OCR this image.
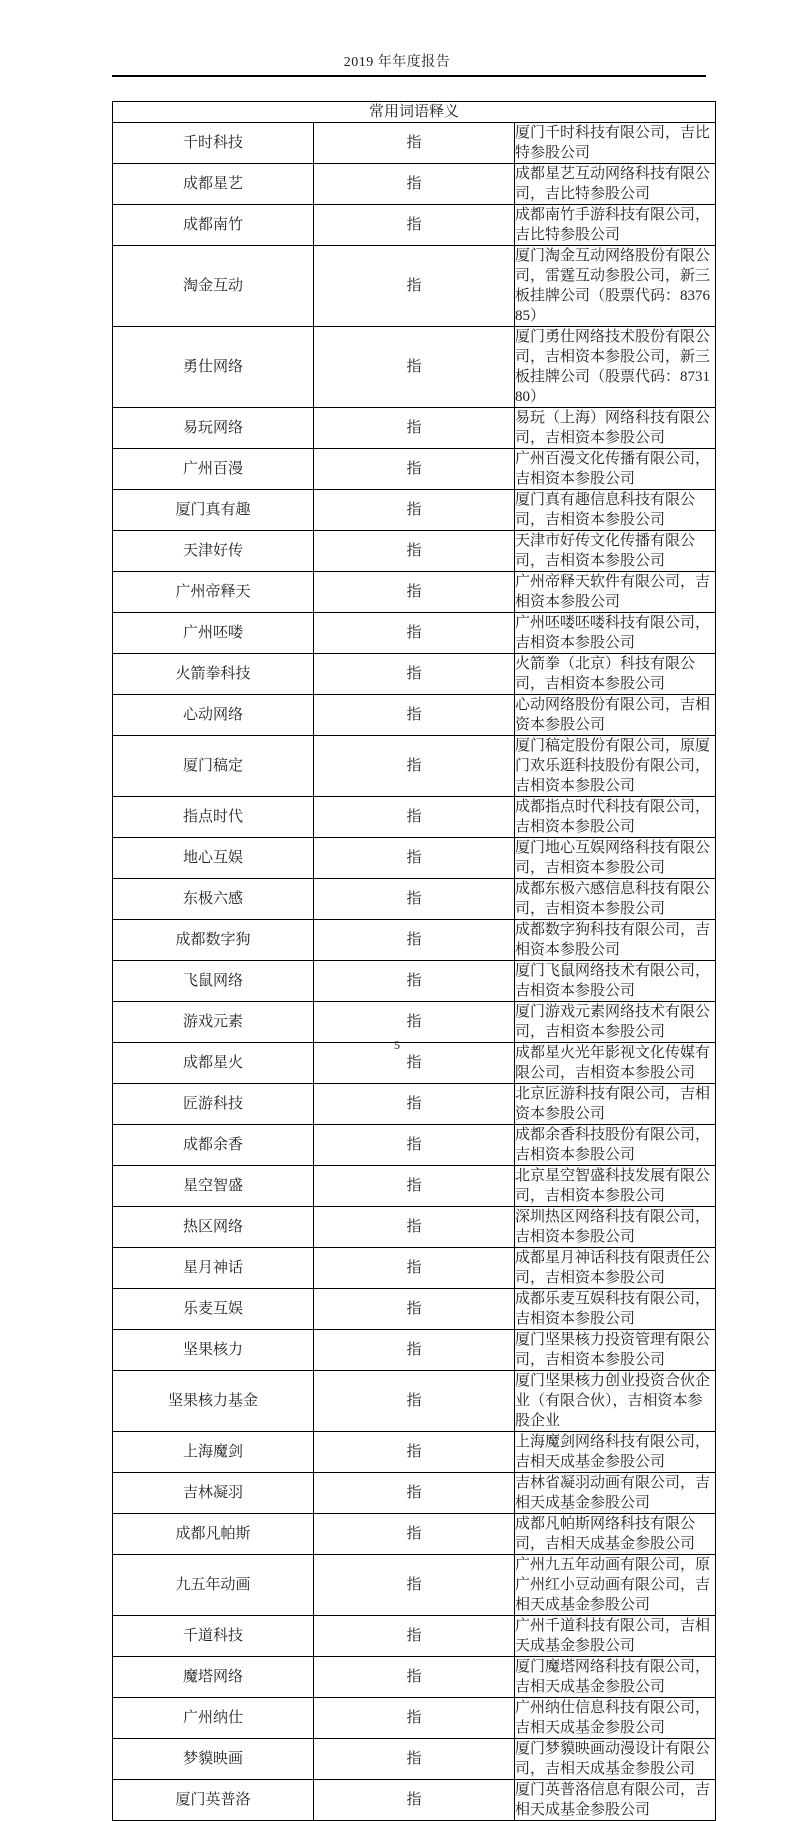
2019 年年度报告
常用词语释义		
千时科技	指	厦门千时科技有限公司，吉比特参股公司
成都星艺	指	成都星艺互动网络科技有限公司，吉比特参股公司
成都南竹	指	成都南竹手游科技有限公司，吉比特参股公司
淘金互动	指	厦门淘金互动网络股份有限公司，雷霆互动参股公司，新三板挂牌公司（股票代码：837685）
勇仕网络	指	厦门勇仕网络技术股份有限公司，吉相资本参股公司，新三板挂牌公司（股票代码：873180）
易玩网络	指	易玩（上海）网络科技有限公司，吉相资本参股公司
广州百漫	指	广州百漫文化传播有限公司，吉相资本参股公司
厦门真有趣	指	厦门真有趣信息科技有限公司，吉相资本参股公司
天津好传	指	天津市好传文化传播有限公司，吉相资本参股公司
广州帝释天	指	广州帝释天软件有限公司，吉相资本参股公司
广州呸喽	指	广州呸喽呸喽科技有限公司，吉相资本参股公司
火箭拳科技	指	火箭拳（北京）科技有限公司，吉相资本参股公司
心动网络	指	心动网络股份有限公司，吉相资本参股公司
厦门稿定	指	厦门稿定股份有限公司，原厦门欢乐逛科技股份有限公司，吉相资本参股公司
指点时代	指	成都指点时代科技有限公司，吉相资本参股公司
地心互娱	指	厦门地心互娱网络科技有限公司，吉相资本参股公司
东极六感	指	成都东极六感信息科技有限公司，吉相资本参股公司
成都数字狗	指	成都数字狗科技有限公司，吉相资本参股公司
飞鼠网络	指	厦门飞鼠网络技术有限公司，吉相资本参股公司
游戏元素	指	厦门游戏元素网络技术有限公司，吉相资本参股公司
成都星火	指	成都星火光年影视文化传媒有限公司，吉相资本参股公司
匠游科技	指	北京匠游科技有限公司，吉相资本参股公司
成都余香	指	成都余香科技股份有限公司，吉相资本参股公司
星空智盛	指	北京星空智盛科技发展有限公司，吉相资本参股公司
热区网络	指	深圳热区网络科技有限公司，吉相资本参股公司
星月神话	指	成都星月神话科技有限责任公司，吉相资本参股公司
乐麦互娱	指	成都乐麦互娱科技有限公司，吉相资本参股公司
坚果核力	指	厦门坚果核力投资管理有限公司，吉相资本参股公司
坚果核力基金	指	厦门坚果核力创业投资合伙企业（有限合伙），吉相资本参股企业
上海魔剑	指	上海魔剑网络科技有限公司，吉相天成基金参股公司
吉林凝羽	指	吉林省凝羽动画有限公司，吉相天成基金参股公司
成都凡帕斯	指	成都凡帕斯网络科技有限公司，吉相天成基金参股公司
九五年动画	指	广州九五年动画有限公司，原广州红小豆动画有限公司，吉相天成基金参股公司
千道科技	指	广州千道科技有限公司，吉相天成基金参股公司
魔塔网络	指	厦门魔塔网络科技有限公司，吉相天成基金参股公司
广州纳仕	指	广州纳仕信息科技有限公司，吉相天成基金参股公司
梦貘映画	指	厦门梦貘映画动漫设计有限公司，吉相天成基金参股公司
厦门英普洛	指	厦门英普洛信息有限公司，吉相天成基金参股公司
5
